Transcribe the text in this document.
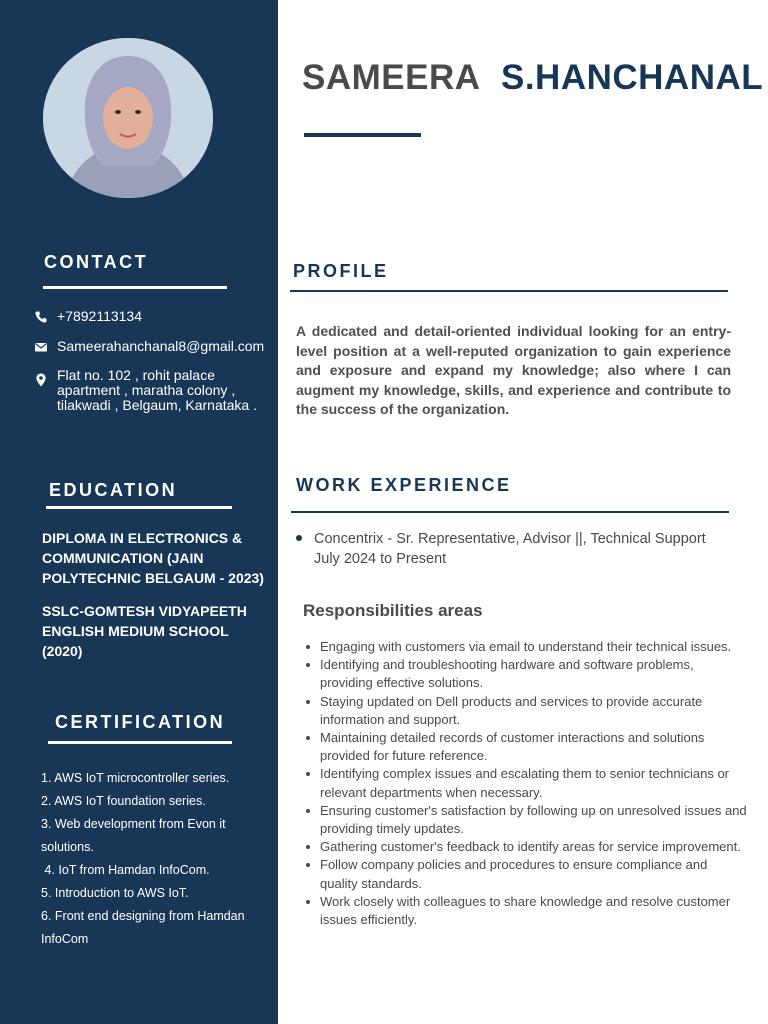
CONTACT
+7892113134
Sameerahanchanal8@gmail.com
Flat no. 102 , rohit palace apartment , maratha colony , tilakwadi , Belgaum, Karnataka .
EDUCATION
DIPLOMA IN ELECTRONICS & COMMUNICATION (JAIN POLYTECHNIC BELGAUM - 2023)
SSLC-GOMTESH VIDYAPEETH ENGLISH MEDIUM SCHOOL (2020)
CERTIFICATION
1. AWS IoT microcontroller series.
2. AWS IoT foundation series.
3. Web development from Evon it solutions.
4. IoT from Hamdan InfoCom.
5. Introduction to AWS IoT.
6. Front end designing from Hamdan InfoCom
SAMEERA S.HANCHANAL
PROFILE
A dedicated and detail-oriented individual looking for an entry-level position at a well-reputed organization to gain experience and exposure and expand my knowledge; also where I can augment my knowledge, skills, and experience and contribute to the success of the organization.
WORK EXPERIENCE
Concentrix - Sr. Representative, Advisor ||, Technical Support
July 2024 to Present
Responsibilities areas
Engaging with customers via email to understand their technical issues.
Identifying and troubleshooting hardware and software problems, providing effective solutions.
Staying updated on Dell products and services to provide accurate information and support.
Maintaining detailed records of customer interactions and solutions provided for future reference.
Identifying complex issues and escalating them to senior technicians or relevant departments when necessary.
Ensuring customer's satisfaction by following up on unresolved issues and providing timely updates.
Gathering customer's feedback to identify areas for service improvement.
Follow company policies and procedures to ensure compliance and quality standards.
Work closely with colleagues to share knowledge and resolve customer issues efficiently.
